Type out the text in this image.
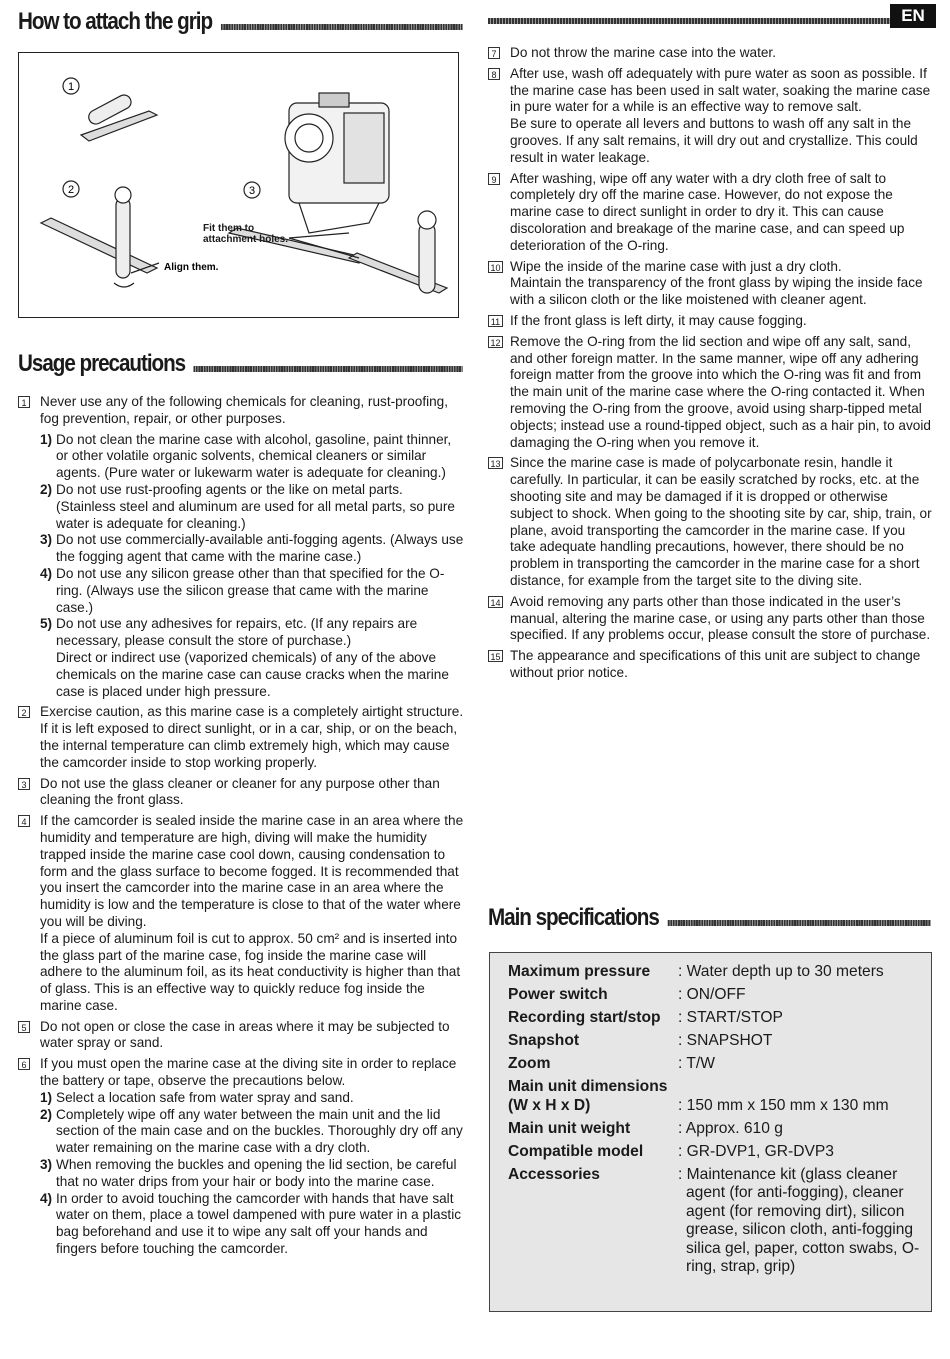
EN
How to attach the grip
1
2	3
Align them.
Fit them to attachment holes.
Usage precautions
1 Never use any of the following chemicals for cleaning, rust-proofing, fog prevention, repair, or other purposes.
1) Do not clean the marine case with alcohol, gasoline, paint thinner, or other volatile organic solvents, chemical cleaners or similar agents. (Pure water or lukewarm water is adequate for cleaning.)
2) Do not use rust-proofing agents or the like on metal parts. (Stainless steel and aluminum are used for all metal parts, so pure water is adequate for cleaning.)
3) Do not use commercially-available anti-fogging agents. (Always use the fogging agent that came with the marine case.)
4) Do not use any silicon grease other than that specified for the O-ring. (Always use the silicon grease that came with the marine case.)
5) Do not use any adhesives for repairs, etc. (If any repairs are necessary, please consult the store of purchase.)
Direct or indirect use (vaporized chemicals) of any of the above chemicals on the marine case can cause cracks when the marine case is placed under high pressure.
2 Exercise caution, as this marine case is a completely airtight structure. If it is left exposed to direct sunlight, or in a car, ship, or on the beach, the internal temperature can climb extremely high, which may cause the camcorder inside to stop working properly.
3 Do not use the glass cleaner or cleaner for any purpose other than cleaning the front glass.
4 If the camcorder is sealed inside the marine case in an area where the humidity and temperature are high, diving will make the humidity trapped inside the marine case cool down, causing condensation to form and the glass surface to become fogged. It is recommended that you insert the camcorder into the marine case in an area where the humidity is low and the temperature is close to that of the water where you will be diving.
If a piece of aluminum foil is cut to approx. 50 cm² and is inserted into the glass part of the marine case, fog inside the marine case will adhere to the aluminum foil, as its heat conductivity is higher than that of glass. This is an effective way to quickly reduce fog inside the marine case.
5 Do not open or close the case in areas where it may be subjected to water spray or sand.
6 If you must open the marine case at the diving site in order to replace the battery or tape, observe the precautions below.
1) Select a location safe from water spray and sand.
2) Completely wipe off any water between the main unit and the lid section of the main case and on the buckles. Thoroughly dry off any water remaining on the marine case with a dry cloth.
3) When removing the buckles and opening the lid section, be careful that no water drips from your hair or body into the marine case.
4) In order to avoid touching the camcorder with hands that have salt water on them, place a towel dampened with pure water in a plastic bag beforehand and use it to wipe any salt off your hands and fingers before touching the camcorder.
7 Do not throw the marine case into the water.
8 After use, wash off adequately with pure water as soon as possible. If the marine case has been used in salt water, soaking the marine case in pure water for a while is an effective way to remove salt.
Be sure to operate all levers and buttons to wash off any salt in the grooves. If any salt remains, it will dry out and crystallize. This could result in water leakage.
9 After washing, wipe off any water with a dry cloth free of salt to completely dry off the marine case. However, do not expose the marine case to direct sunlight in order to dry it. This can cause discoloration and breakage of the marine case, and can speed up deterioration of the O-ring.
10 Wipe the inside of the marine case with just a dry cloth.
Maintain the transparency of the front glass by wiping the inside face with a silicon cloth or the like moistened with cleaner agent.
11 If the front glass is left dirty, it may cause fogging.
12 Remove the O-ring from the lid section and wipe off any salt, sand, and other foreign matter. In the same manner, wipe off any adhering foreign matter from the groove into which the O-ring was fit and from the main unit of the marine case where the O-ring contacted it. When removing the O-ring from the groove, avoid using sharp-tipped metal objects; instead use a round-tipped object, such as a hair pin, to avoid damaging the O-ring when you remove it.
13 Since the marine case is made of polycarbonate resin, handle it carefully. In particular, it can be easily scratched by rocks, etc. at the shooting site and may be damaged if it is dropped or otherwise subject to shock. When going to the shooting site by car, ship, train, or plane, avoid transporting the camcorder in the marine case. If you take adequate handling precautions, however, there should be no problem in transporting the camcorder in the marine case for a short distance, for example from the target site to the diving site.
14 Avoid removing any parts other than those indicated in the user’s manual, altering the marine case, or using any parts other than those specified. If any problems occur, please consult the store of purchase.
15 The appearance and specifications of this unit are subject to change without prior notice.
Main specifications
Maximum pressure	: Water depth up to 30 meters
Power switch	: ON/OFF
Recording start/stop	: START/STOP
Snapshot	: SNAPSHOT
Zoom	: T/W
Main unit dimensions
(W x H x D)	: 150 mm x 150 mm x 130 mm
Main unit weight	: Approx. 610 g
Compatible model	: GR-DVP1, GR-DVP3
Accessories	: Maintenance kit (glass cleaner agent (for anti-fogging), cleaner agent (for removing dirt), silicon grease, silicon cloth, anti-fogging silica gel, paper, cotton swabs, O-ring, strap, grip)
